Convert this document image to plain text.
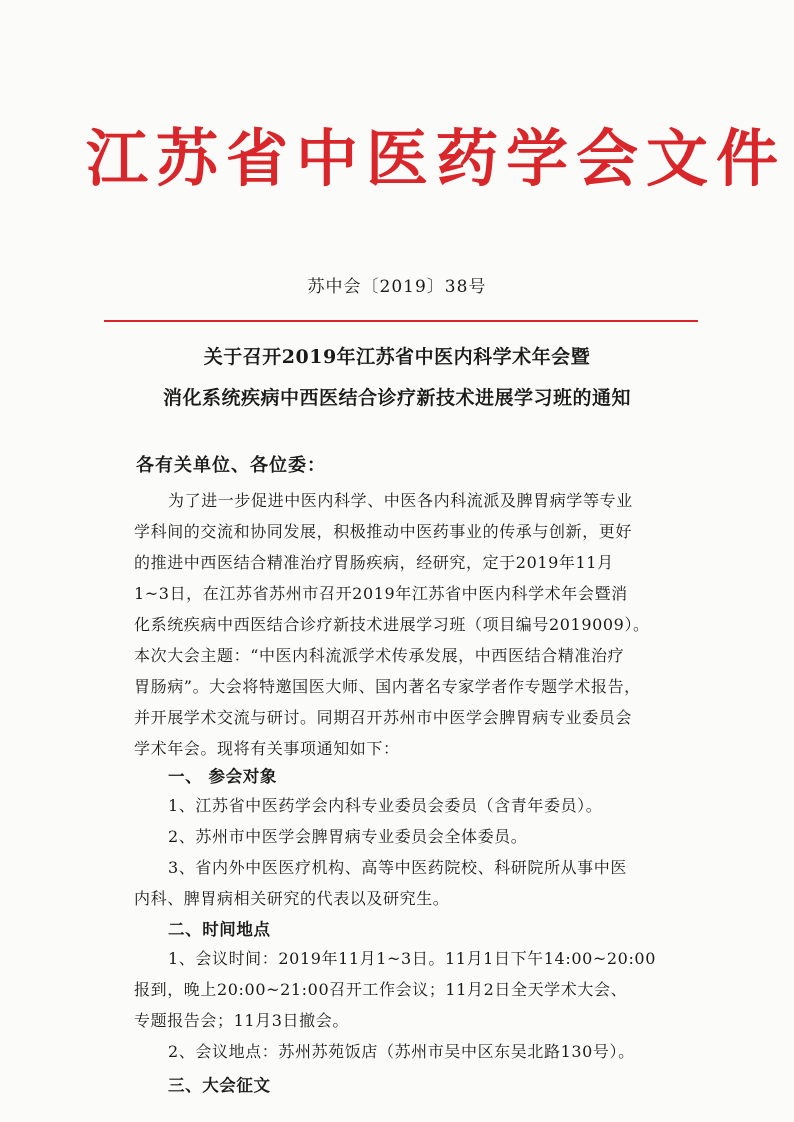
江苏省中医药学会文件
苏中会〔2019〕38号
关于召开2019年江苏省中医内科学术年会暨
消化系统疾病中西医结合诊疗新技术进展学习班的通知
各有关单位、各位委：
为了进一步促进中医内科学、中医各内科流派及脾胃病学等专业
学科间的交流和协同发展，积极推动中医药事业的传承与创新，更好
的推进中西医结合精准治疗胃肠疾病，经研究，定于2019年11月
1~3日，在江苏省苏州市召开2019年江苏省中医内科学术年会暨消
化系统疾病中西医结合诊疗新技术进展学习班（项目编号2019009）。
本次大会主题：“中医内科流派学术传承发展，中西医结合精准治疗
胃肠病”。大会将特邀国医大师、国内著名专家学者作专题学术报告，
并开展学术交流与研讨。同期召开苏州市中医学会脾胃病专业委员会
学术年会。现将有关事项通知如下：
一、 参会对象
1、江苏省中医药学会内科专业委员会委员（含青年委员）。
2、苏州市中医学会脾胃病专业委员会全体委员。
3、省内外中医医疗机构、高等中医药院校、科研院所从事中医
内科、脾胃病相关研究的代表以及研究生。
二、时间地点
1、会议时间：2019年11月1~3日。11月1日下午14:00~20:00
报到，晚上20:00~21:00召开工作会议；11月2日全天学术大会、
专题报告会；11月3日撤会。
2、会议地点：苏州苏苑饭店（苏州市吴中区东吴北路130号）。
三、大会征文
